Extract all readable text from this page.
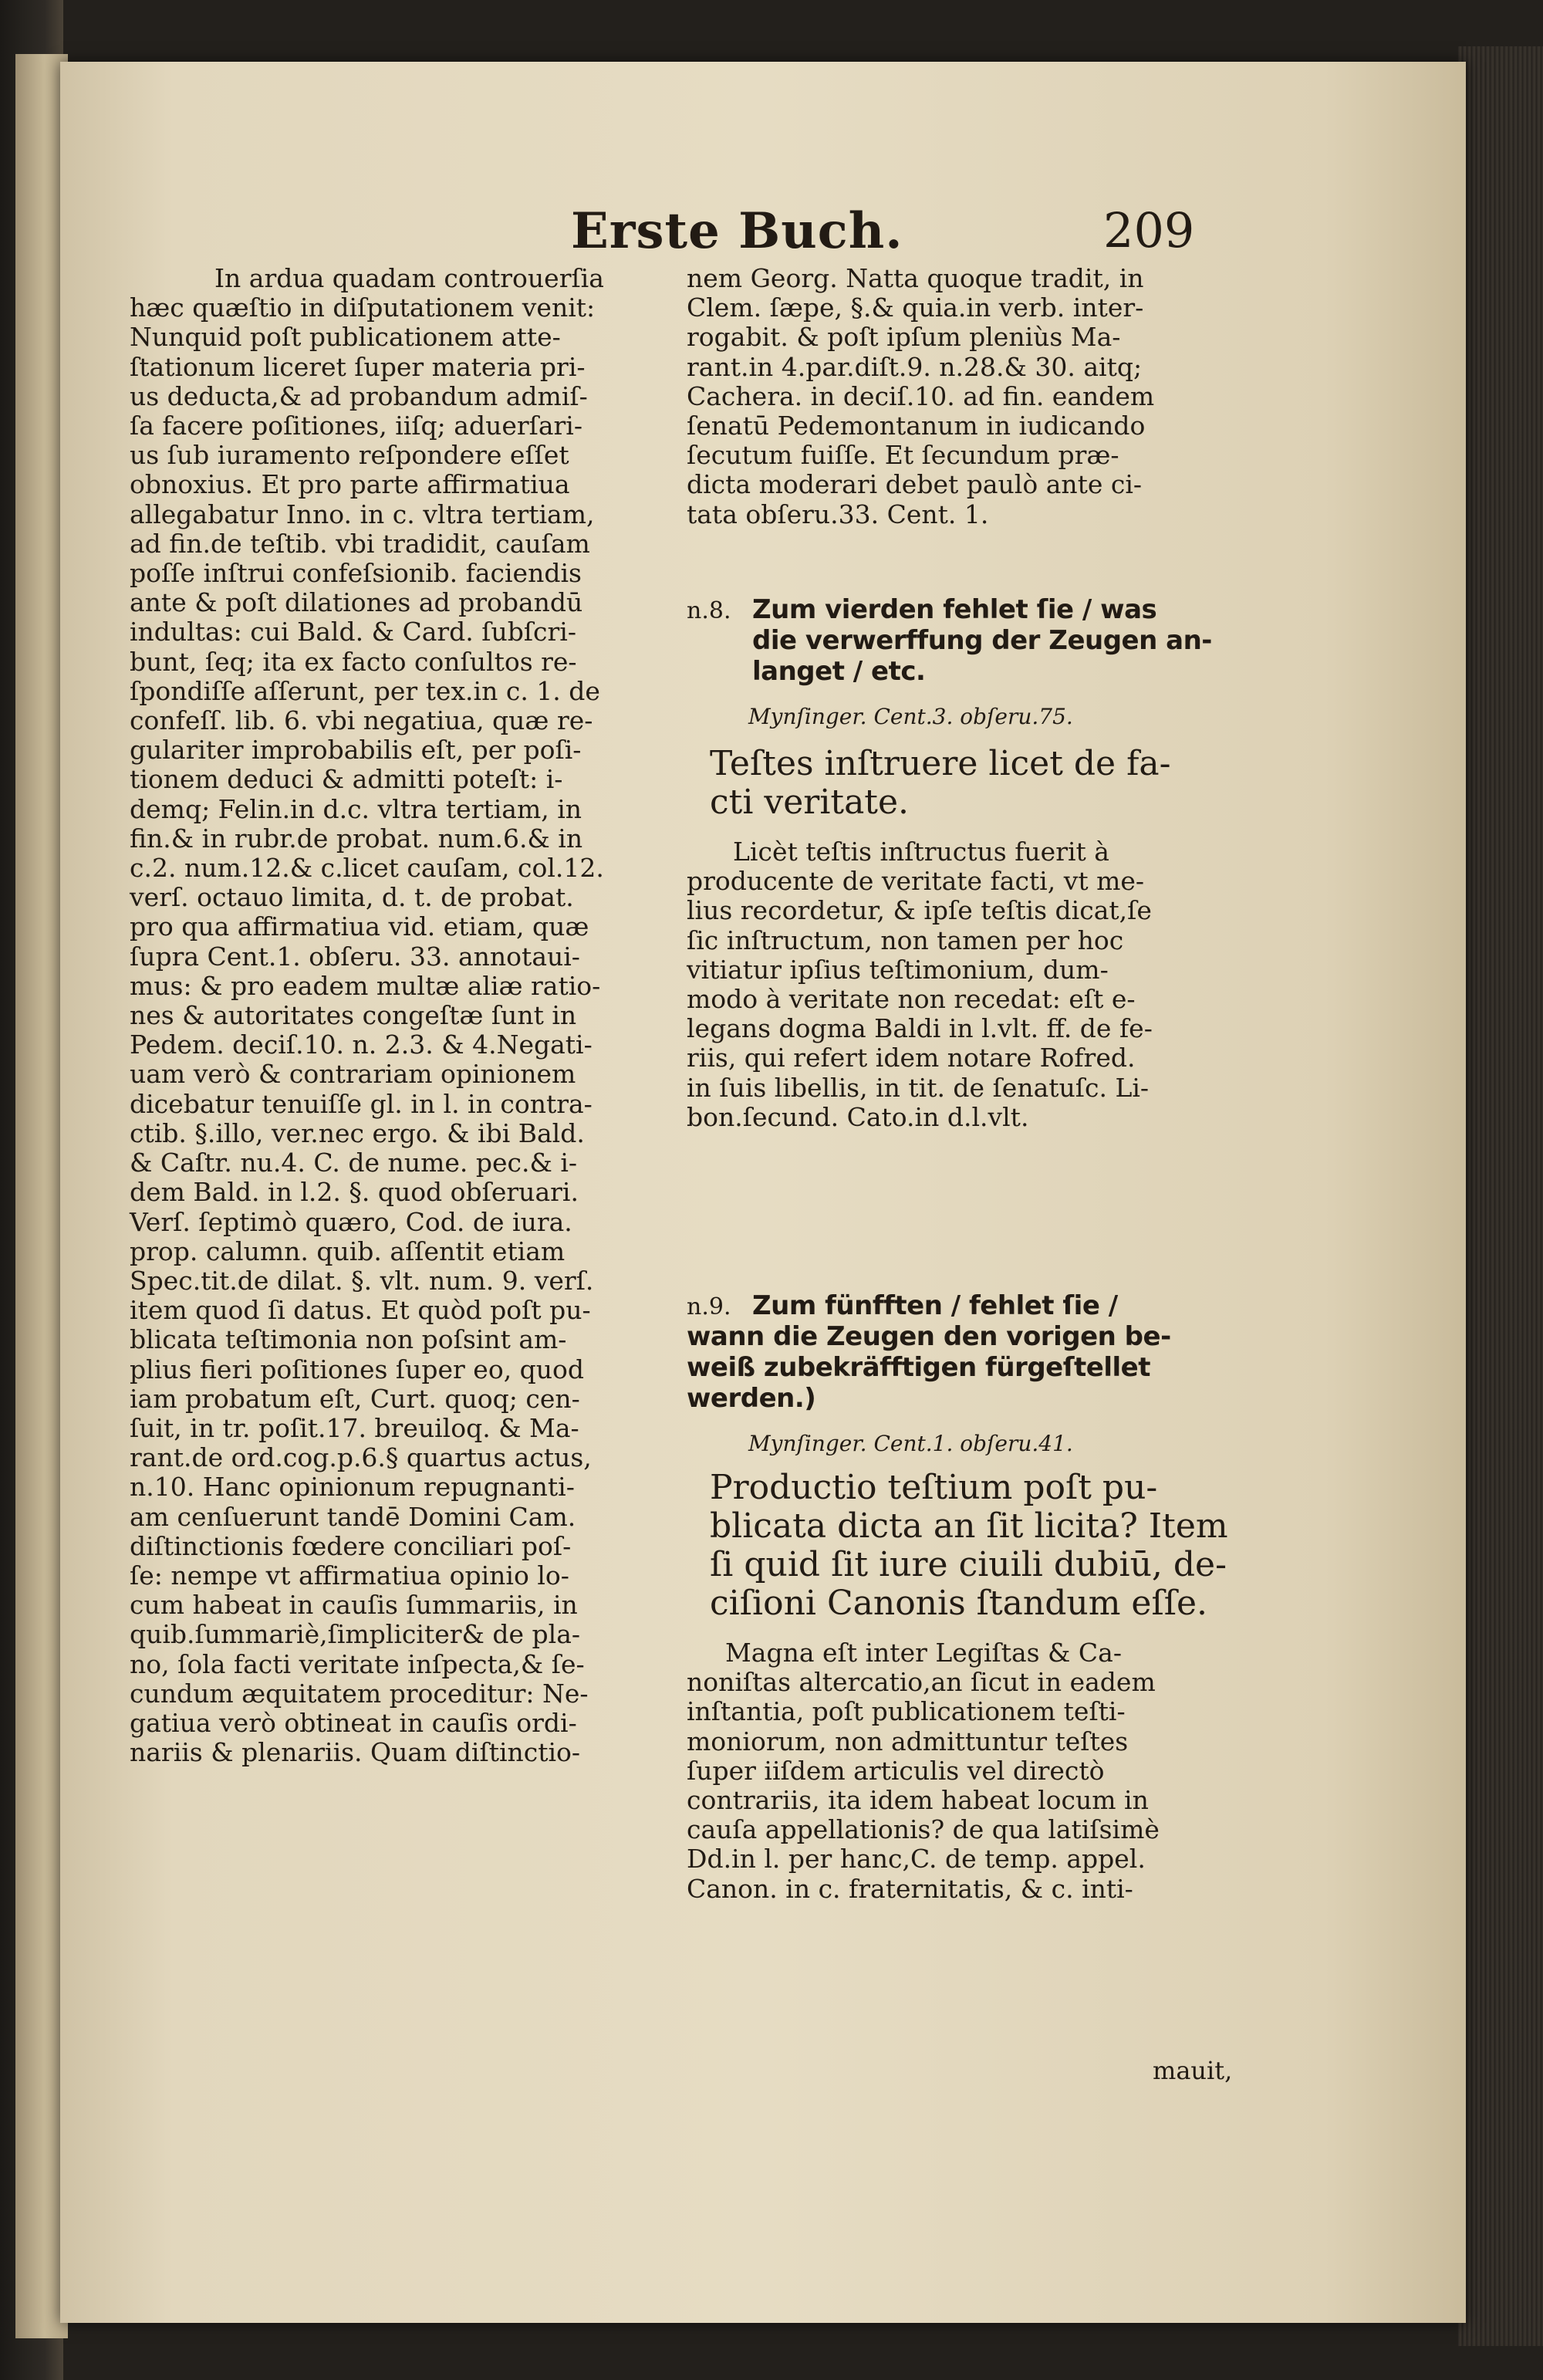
Erste Buch.	209
In ardua quadam controuerſia
hæc quæſtio in diſputationem venit:
Nunquid poſt publicationem atte-
ſtationum liceret ſuper materia pri-
us deducta,& ad probandum admiſ-
ſa facere poſitiones, iiſq; aduerſari-
us ſub iuramento reſpondere eſſet
obnoxius. Et pro parte affirmatiua
allegabatur Inno. in c. vltra tertiam,
ad fin.de teſtib. vbi tradidit, cauſam
poſſe inſtrui confeſsionib. faciendis
ante & poſt dilationes ad probandū
indultas: cui Bald. & Card. ſubſcri-
bunt, ſeq; ita ex facto conſultos re-
ſpondiſſe aſſerunt, per tex.in c. 1. de
confeſſ. lib. 6. vbi negatiua, quæ re-
gulariter improbabilis eſt, per poſi-
tionem deduci & admitti poteſt: i-
demq; Felin.in d.c. vltra tertiam, in
fin.& in rubr.de probat. num.6.& in
c.2. num.12.& c.licet cauſam, col.12.
verſ. octauo limita, d. t. de probat.
pro qua affirmatiua vid. etiam, quæ
ſupra Cent.1. obſeru. 33. annotaui-
mus: & pro eadem multæ aliæ ratio-
nes & autoritates congeſtæ ſunt in
Pedem. deciſ.10. n. 2.3. & 4.Negati-
uam verò & contrariam opinionem
dicebatur tenuiſſe gl. in l. in contra-
ctib. §.illo, ver.nec ergo. & ibi Bald.
& Caſtr. nu.4. C. de nume. pec.& i-
dem Bald. in l.2. §. quod obſeruari.
Verſ. ſeptimò quæro, Cod. de iura.
prop. calumn. quib. aſſentit etiam
Spec.tit.de dilat. §. vlt. num. 9. verſ.
item quod ſi datus. Et quòd poſt pu-
blicata teſtimonia non poſsint am-
plius fieri poſitiones ſuper eo, quod
iam probatum eſt, Curt. quoq; cen-
ſuit, in tr. poſit.17. breuiloq. & Ma-
rant.de ord.cog.p.6.§ quartus actus,
n.10. Hanc opinionum repugnanti-
am cenſuerunt tandē Domini Cam.
diſtinctionis fœdere conciliari poſ-
ſe: nempe vt affirmatiua opinio lo-
cum habeat in cauſis ſummariis, in
quib.ſummariè,ſimpliciter& de pla-
no, ſola facti veritate inſpecta,& ſe-
cundum æquitatem proceditur: Ne-
gatiua verò obtineat in cauſis ordi-
nariis & plenariis. Quam diſtinctio-
nem Georg. Natta quoque tradit, in
Clem. ſæpe, §.& quia.in verb. inter-
rogabit. & poſt ipſum pleniùs Ma-
rant.in 4.par.diſt.9. n.28.& 30. aitq;
Cachera. in deciſ.10. ad fin. eandem
ſenatū Pedemontanum in iudicando
ſecutum fuiſſe. Et ſecundum præ-
dicta moderari debet paulò ante ci-
tata obſeru.33. Cent. 1.
n.8. Zum vierden fehlet ſie / was
die verwerffung der Zeugen an-
langet / etc.
Mynſinger. Cent.3. obſeru.75.
Teſtes inſtruere licet de fa-
cti veritate.
Licèt teſtis inſtructus fuerit à
producente de veritate facti, vt me-
lius recordetur, & ipſe teſtis dicat,ſe
ſic inſtructum, non tamen per hoc
vitiatur ipſius teſtimonium, dum-
modo à veritate non recedat: eſt e-
legans dogma Baldi in l.vlt. ff. de fe-
riis, qui refert idem notare Rofred.
in ſuis libellis, in tit. de ſenatuſc. Li-
bon.ſecund. Cato.in d.l.vlt.
n.9. Zum fünfften / fehlet ſie /
wann die Zeugen den vorigen be-
weiß zubekräfftigen fürgeſtellet
werden.)
Mynſinger. Cent.1. obſeru.41.
Productio teſtium poſt pu-
blicata dicta an ſit licita? Item
ſi quid ſit iure ciuili dubiū, de-
ciſioni Canonis ſtandum eſſe.
Magna eſt inter Legiſtas & Ca-
noniſtas altercatio,an ſicut in eadem
inſtantia, poſt publicationem teſti-
moniorum, non admittuntur teſtes
ſuper iiſdem articulis vel directò
contrariis, ita idem habeat locum in
cauſa appellationis? de qua latiſsimè
Dd.in l. per hanc,C. de temp. appel.
Canon. in c. fraternitatis, & c. inti-
mauit,
